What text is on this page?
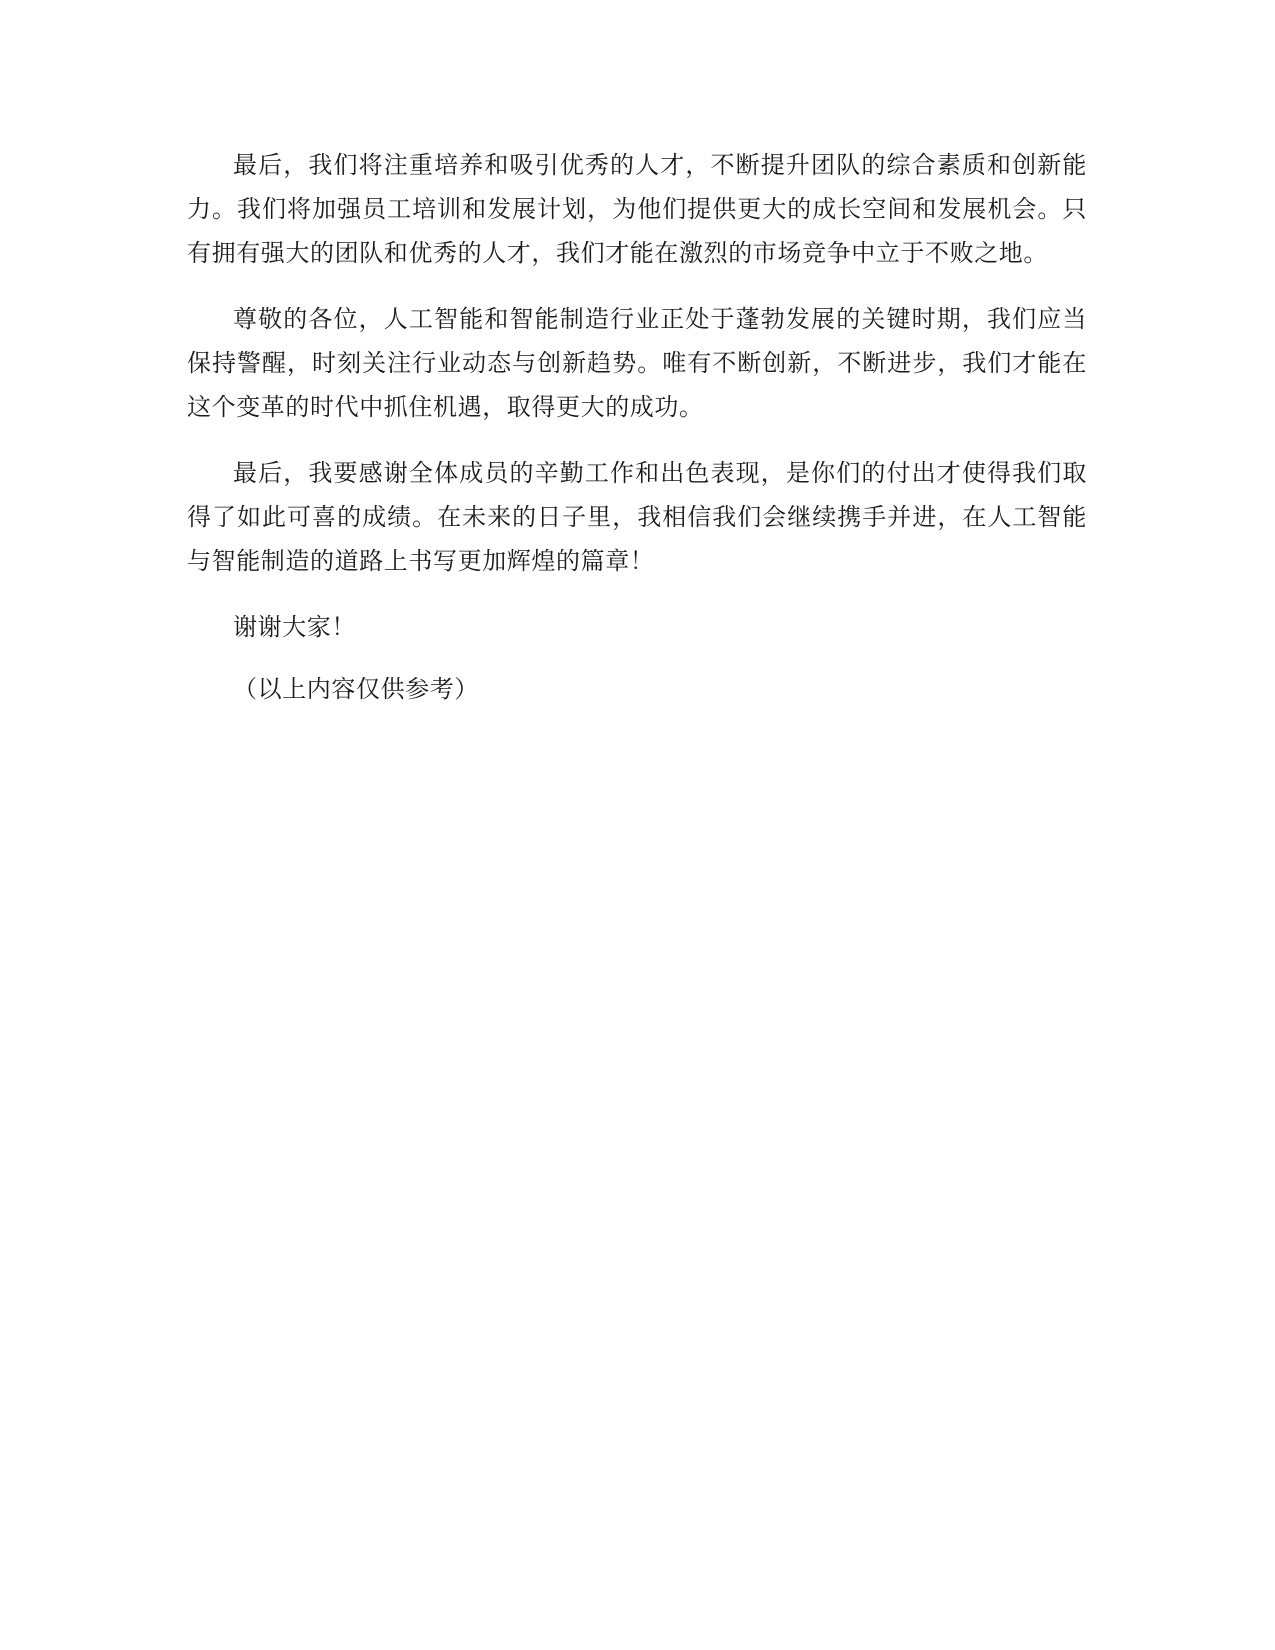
最后，我们将注重培养和吸引优秀的人才，不断提升团队的综合素质和创新能力。我们将加强员工培训和发展计划，为他们提供更大的成长空间和发展机会。只有拥有强大的团队和优秀的人才，我们才能在激烈的市场竞争中立于不败之地。

尊敬的各位，人工智能和智能制造行业正处于蓬勃发展的关键时期，我们应当保持警醒，时刻关注行业动态与创新趋势。唯有不断创新，不断进步，我们才能在这个变革的时代中抓住机遇，取得更大的成功。

最后，我要感谢全体成员的辛勤工作和出色表现，是你们的付出才使得我们取得了如此可喜的成绩。在未来的日子里，我相信我们会继续携手并进，在人工智能与智能制造的道路上书写更加辉煌的篇章！

谢谢大家！

（以上内容仅供参考）
